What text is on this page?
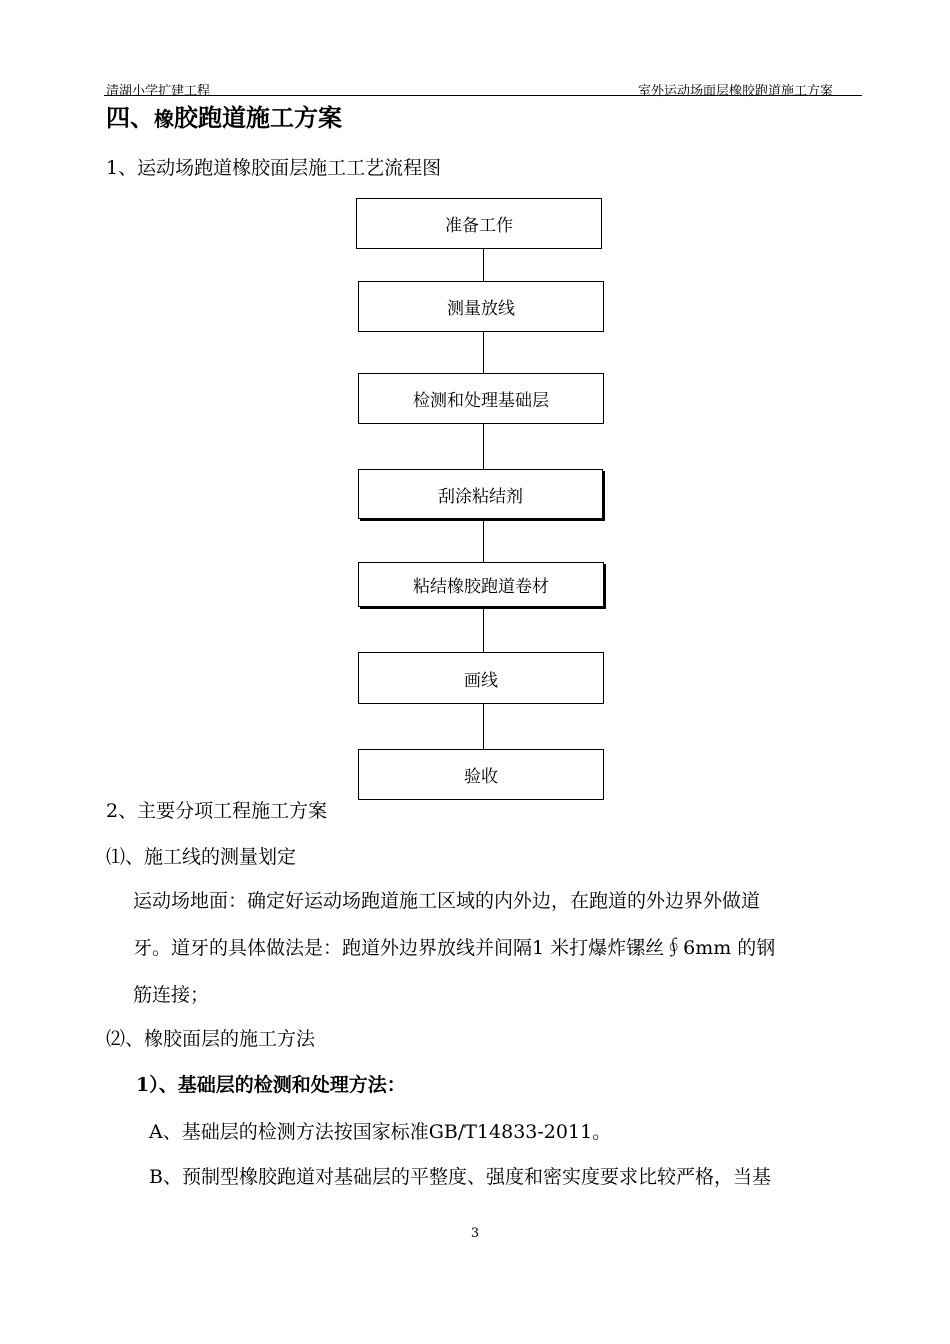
清湖小学扩建工程	室外运动场面层橡胶跑道施工方案
四、橡胶跑道施工方案
1、运动场跑道橡胶面层施工工艺流程图
准备工作
测量放线
检测和处理基础层
刮涂粘结剂
粘结橡胶跑道卷材
画线
验收
2、主要分项工程施工方案
⑴、施工线的测量划定
运动场地面：确定好运动场跑道施工区域的内外边，在跑道的外边界外做道
牙。道牙的具体做法是：跑道外边界放线并间隔1 米打爆炸镙丝∮6mm 的钢
筋连接；
⑵、橡胶面层的施工方法
1）、基础层的检测和处理方法：
A、基础层的检测方法按国家标准GB/T14833-2011。
B、预制型橡胶跑道对基础层的平整度、强度和密实度要求比较严格，当基
3
